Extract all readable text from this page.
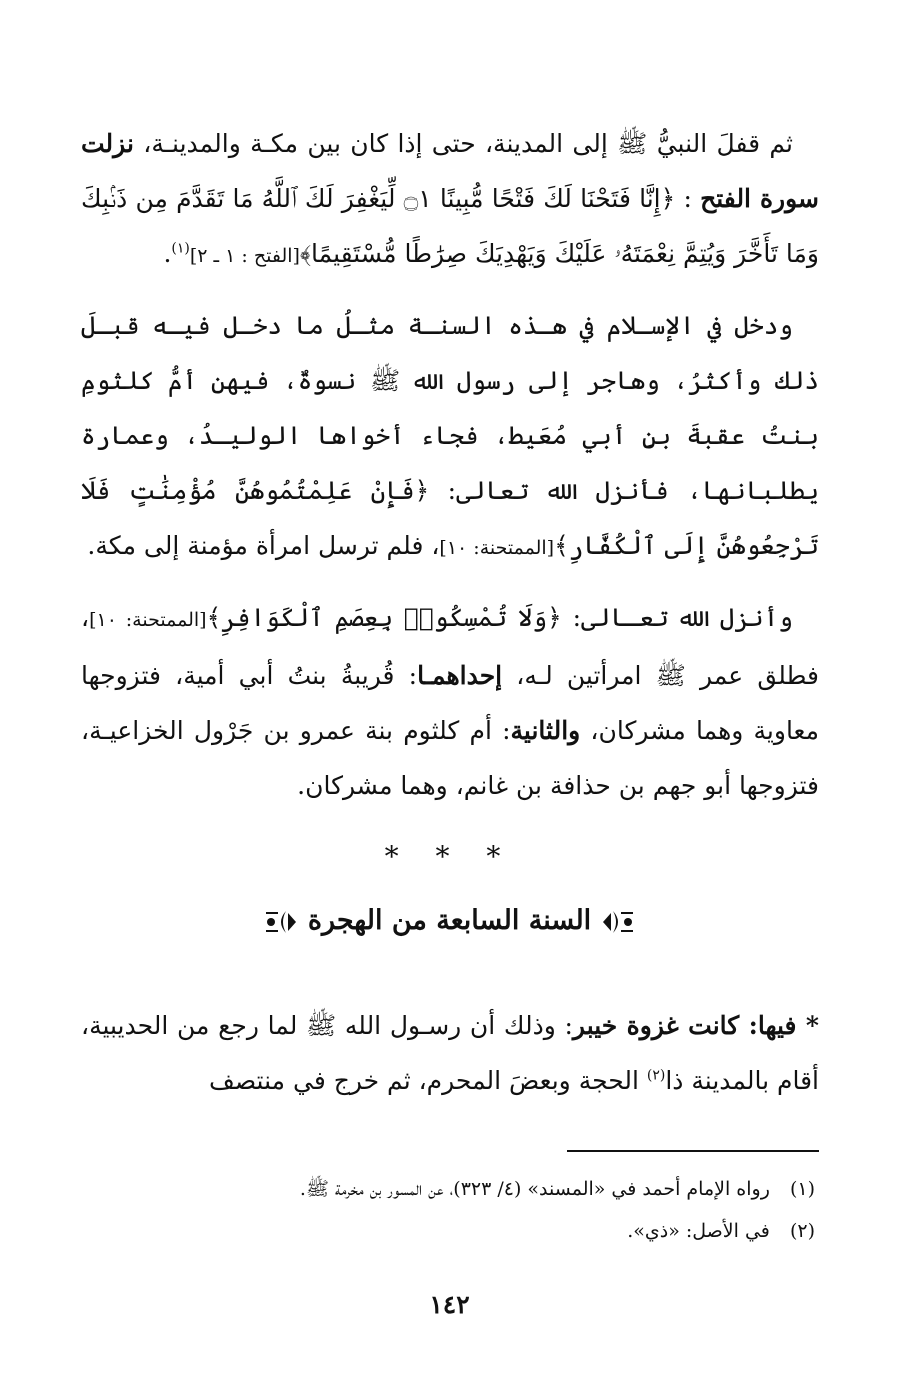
ثم قفلَ النبيُّ ﷺ إلى المدينة، حتى إذا كان بين مكـة والمدينـة، نزلت سورة الفتح : ﴿إِنَّا فَتَحْنَا لَكَ فَتْحًا مُّبِينًا ۝١ لِّيَغْفِرَ لَكَ ٱللَّهُ مَا تَقَدَّمَ مِن ذَنۢبِكَ وَمَا تَأَخَّرَ وَيُتِمَّ نِعْمَتَهُۥ عَلَيْكَ وَيَهْدِيَكَ صِرَٰطًا مُّسْتَقِيمًا﴾[الفتح : ١ ـ ٢]$^{(١)}$.

ودخل في الإسـلام في هـذه السنـة مثـلُ ما دخـل فيـه قبـلَ ذلك وأكثرُ، وهاجر إلى رسول الله ﷺ نسوةٌ، فيهن أمُّ كلثومِ بنتُ عقبةَ بنِ أبي مُعَيط، فجاء أخواها الوليـدُ، وعمارة يطلبانها، فأنزل الله تعالى: ﴿فَإِنْ عَلِمْتُمُوهُنَّ مُؤْمِنَٰتٍ فَلَا تَرْجِعُوهُنَّ إِلَى ٱلْكُفَّارِ﴾[الممتحنة: ١٠]، فلم ترسل امرأة مؤمنة إلى مكة.

وأنزل الله تعـالى: ﴿وَلَا تُمْسِكُوا۟ بِعِصَمِ ٱلْكَوَافِرِ﴾[الممتحنة: ١٠]، فطلق عمر ﷺ امرأتين لـه، إحداهمـا: قُريبةُ بنتُ أبي أمية، فتزوجها معاوية وهما مشركان، والثانية: أم كلثوم بنة عمرو بن جَرْول الخزاعيـة، فتزوجها أبو جهم بن حذافة بن غانم، وهما مشركان.

* * *
السنة السابعة من الهجرة

* فيها: كانت غزوة خيبر: وذلك أن رسـول الله ﷺ لما رجع من الحديبية، أقام بالمدينة ذا$^{(٢)}$ الحجة وبعضَ المحرم، ثم خرج في منتصف

(١) رواه الإمام أحمد في «المسند» (٤/ ٣٢٣)، عن المسور بن مخرمة ﷺ.

(٢) في الأصل: «ذي».

١٤٢
